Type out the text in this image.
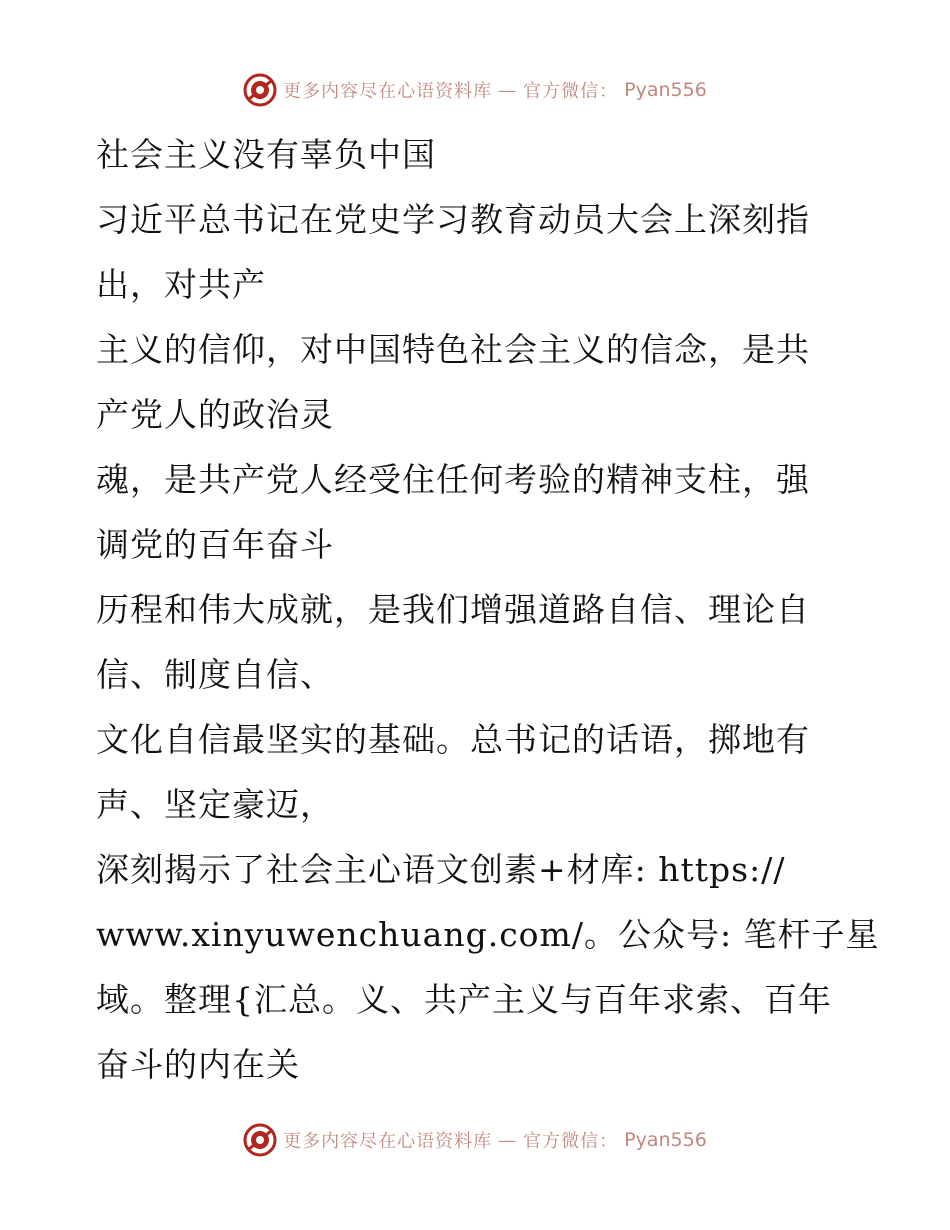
更多内容尽在心语资料库 — 官方微信： Pyan556
社会主义没有辜负中国
习近平总书记在党史学习教育动员大会上深刻指
出，对共产
主义的信仰，对中国特色社会主义的信念，是共
产党人的政治灵
魂，是共产党人经受住任何考验的精神支柱，强
调党的百年奋斗
历程和伟大成就，是我们增强道路自信、理论自
信、制度自信、
文化自信最坚实的基础。总书记的话语，掷地有
声、坚定豪迈，
深刻揭示了社会主心语文创素+材库: https://
www.xinyuwenchuang.com/。公众号: 笔杆子星
域。整理{汇总。义、共产主义与百年求索、百年
奋斗的内在关
更多内容尽在心语资料库 — 官方微信： Pyan556
